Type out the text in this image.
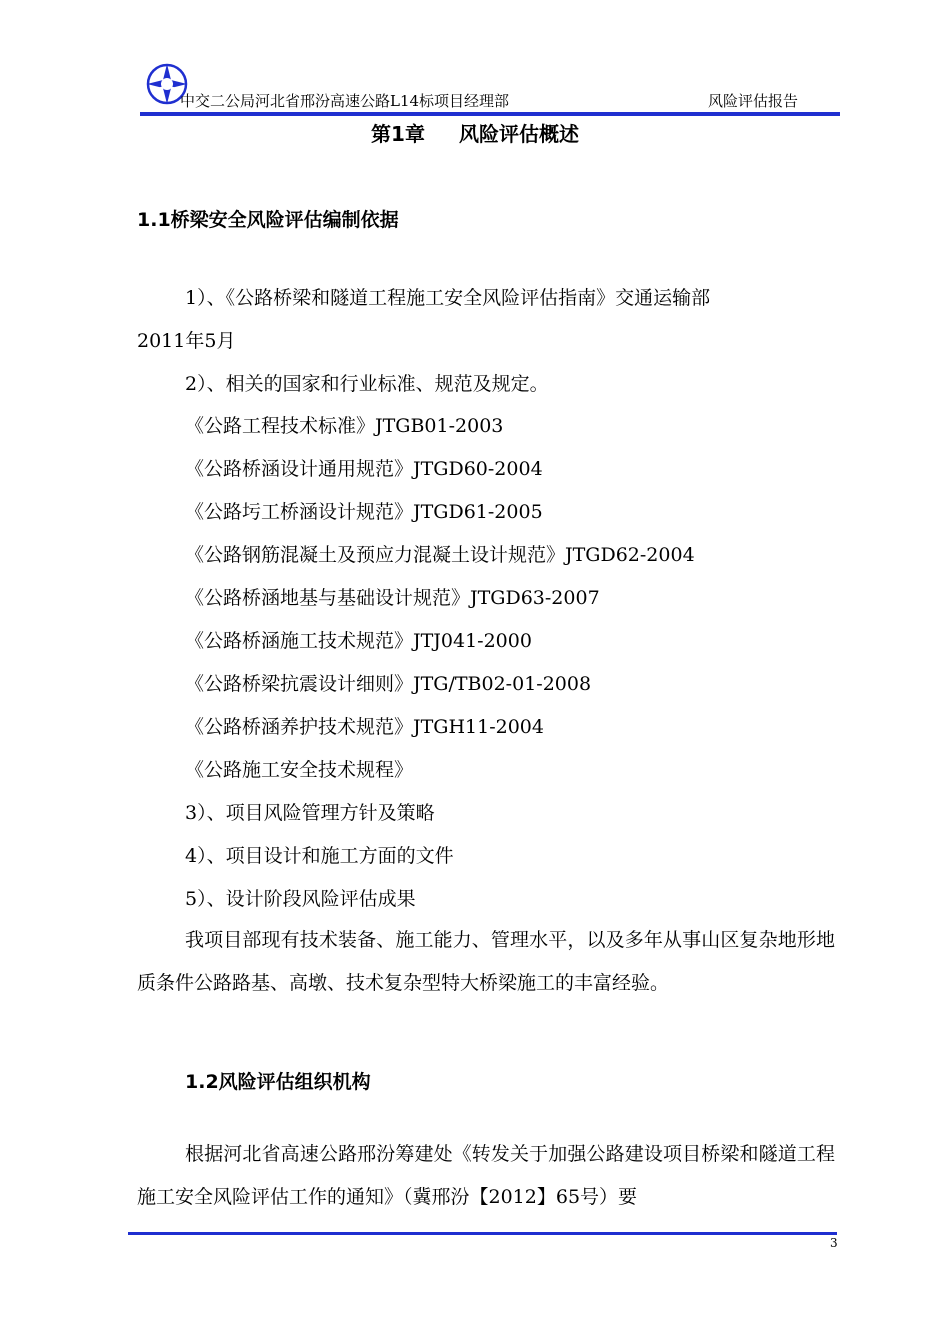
中交二公局河北省邢汾高速公路L14标项目经理部	风险评估报告
第1章 风险评估概述
1.1桥梁安全风险评估编制依据
1）、《公路桥梁和隧道工程施工安全风险评估指南》交通运输部
2011年5月
2）、相关的国家和行业标准、规范及规定。
《公路工程技术标准》JTGB01-2003
《公路桥涵设计通用规范》JTGD60-2004
《公路圬工桥涵设计规范》JTGD61-2005
《公路钢筋混凝土及预应力混凝土设计规范》JTGD62-2004
《公路桥涵地基与基础设计规范》JTGD63-2007
《公路桥涵施工技术规范》JTJ041-2000
《公路桥梁抗震设计细则》JTG/TB02-01-2008
《公路桥涵养护技术规范》JTGH11-2004
《公路施工安全技术规程》
3）、项目风险管理方针及策略
4）、项目设计和施工方面的文件
5）、设计阶段风险评估成果
我项目部现有技术装备、施工能力、管理水平，以及多年从事山区复杂地形地质条件公路路基、高墩、技术复杂型特大桥梁施工的丰富经验。
1.2风险评估组织机构
根据河北省高速公路邢汾筹建处《转发关于加强公路建设项目桥梁和隧道工程施工安全风险评估工作的通知》（冀邢汾【2012】65号）要
3
